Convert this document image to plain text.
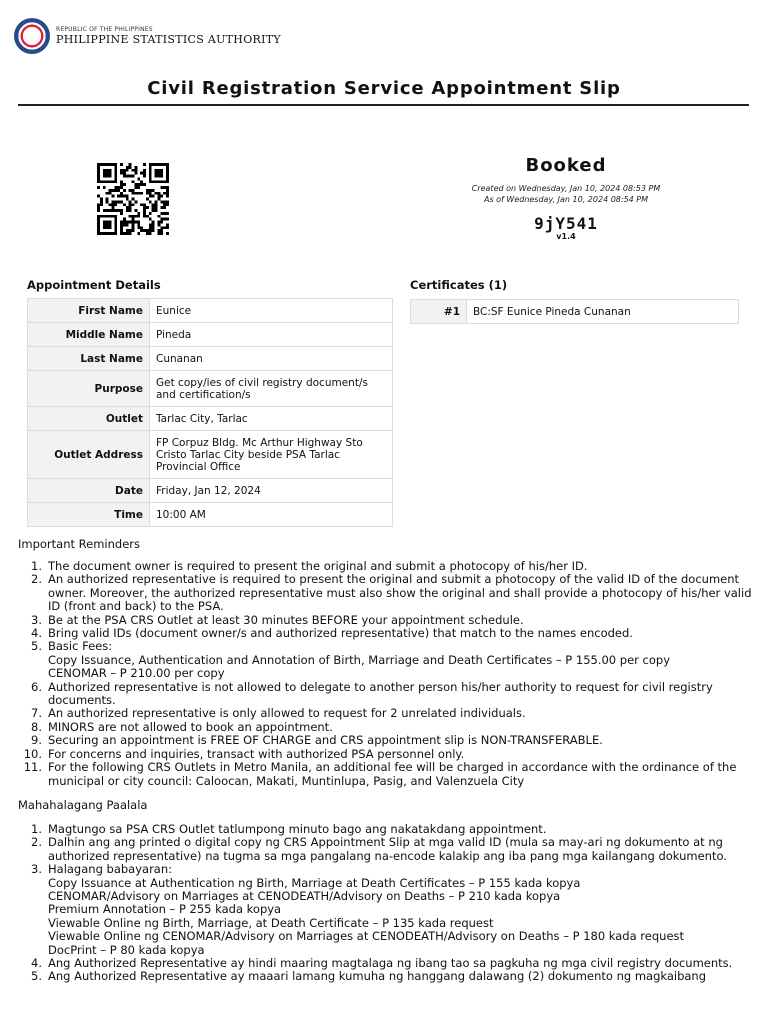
REPUBLIC OF THE PHILIPPINES
PHILIPPINE STATISTICS AUTHORITY
Civil Registration Service Appointment Slip
Booked
Created on Wednesday, Jan 10, 2024 08:53 PM
As of Wednesday, Jan 10, 2024 08:54 PM
9jY541
v1.4
Appointment Details	Certificates (1)
First Name	Eunice
Middle Name	Pineda
Last Name	Cunanan
Purpose	Get copy/ies of civil registry document/s and certification/s
Outlet	Tarlac City, Tarlac
Outlet Address	FP Corpuz Bldg. Mc Arthur Highway Sto Cristo Tarlac City beside PSA Tarlac Provincial Office
Date	Friday, Jan 12, 2024
Time	10:00 AM
#1	BC:SF Eunice Pineda Cunanan
Important Reminders
1. The document owner is required to present the original and submit a photocopy of his/her ID.
2. An authorized representative is required to present the original and submit a photocopy of the valid ID of the document owner. Moreover, the authorized representative must also show the original and shall provide a photocopy of his/her valid ID (front and back) to the PSA.
3. Be at the PSA CRS Outlet at least 30 minutes BEFORE your appointment schedule.
4. Bring valid IDs (document owner/s and authorized representative) that match to the names encoded.
5. Basic Fees:
Copy Issuance, Authentication and Annotation of Birth, Marriage and Death Certificates – P 155.00 per copy
CENOMAR – P 210.00 per copy
6. Authorized representative is not allowed to delegate to another person his/her authority to request for civil registry documents.
7. An authorized representative is only allowed to request for 2 unrelated individuals.
8. MINORS are not allowed to book an appointment.
9. Securing an appointment is FREE OF CHARGE and CRS appointment slip is NON-TRANSFERABLE.
10. For concerns and inquiries, transact with authorized PSA personnel only.
11. For the following CRS Outlets in Metro Manila, an additional fee will be charged in accordance with the ordinance of the municipal or city council: Caloocan, Makati, Muntinlupa, Pasig, and Valenzuela City
Mahahalagang Paalala
1. Magtungo sa PSA CRS Outlet tatlumpong minuto bago ang nakatakdang appointment.
2. Dalhin ang ang printed o digital copy ng CRS Appointment Slip at mga valid ID (mula sa may-ari ng dokumento at ng authorized representative) na tugma sa mga pangalang na-encode kalakip ang iba pang mga kailangang dokumento.
3. Halagang babayaran:
Copy Issuance at Authentication ng Birth, Marriage at Death Certificates – P 155 kada kopya
CENOMAR/Advisory on Marriages at CENODEATH/Advisory on Deaths – P 210 kada kopya
Premium Annotation – P 255 kada kopya
Viewable Online ng Birth, Marriage, at Death Certificate – P 135 kada request
Viewable Online ng CENOMAR/Advisory on Marriages at CENODEATH/Advisory on Deaths – P 180 kada request
DocPrint – P 80 kada kopya
4. Ang Authorized Representative ay hindi maaring magtalaga ng ibang tao sa pagkuha ng mga civil registry documents.
5. Ang Authorized Representative ay maaari lamang kumuha ng hanggang dalawang (2) dokumento ng magkaibang
